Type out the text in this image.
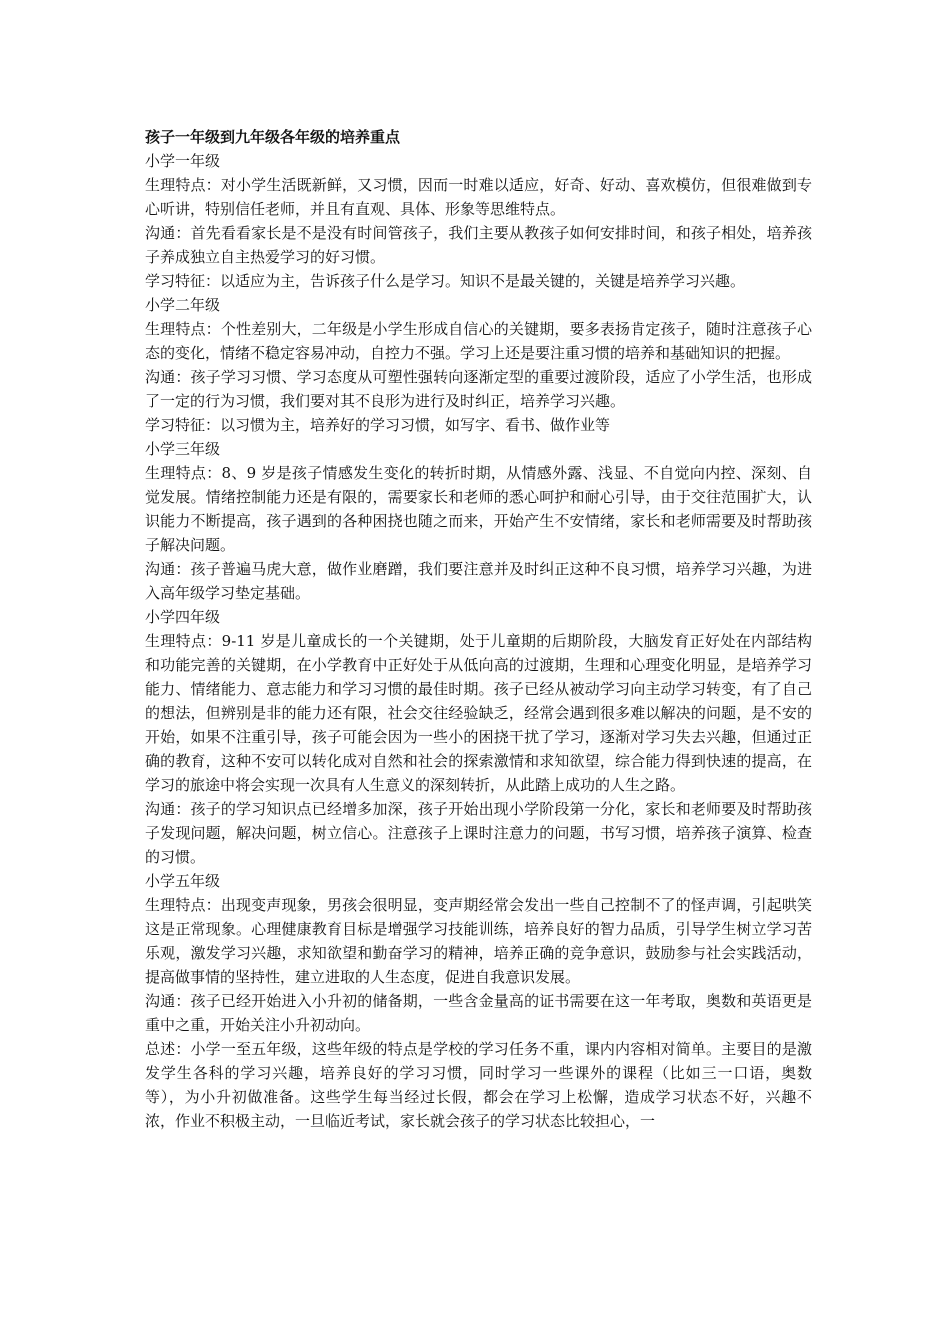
孩子一年级到九年级各年级的培养重点

小学一年级

生理特点：对小学生活既新鲜，又习惯，因而一时难以适应，好奇、好动、喜欢模仿，但很难做到专心听讲，特别信任老师，并且有直观、具体、形象等思维特点。

沟通：首先看看家长是不是没有时间管孩子，我们主要从教孩子如何安排时间，和孩子相处，培养孩子养成独立自主热爱学习的好习惯。

学习特征：以适应为主，告诉孩子什么是学习。知识不是最关键的，关键是培养学习兴趣。

小学二年级

生理特点：个性差别大，二年级是小学生形成自信心的关键期，要多表扬肯定孩子，随时注意孩子心态的变化，情绪不稳定容易冲动，自控力不强。学习上还是要注重习惯的培养和基础知识的把握。

沟通：孩子学习习惯、学习态度从可塑性强转向逐渐定型的重要过渡阶段，适应了小学生活，也形成了一定的行为习惯，我们要对其不良形为进行及时纠正，培养学习兴趣。

学习特征：以习惯为主，培养好的学习习惯，如写字、看书、做作业等

小学三年级

生理特点：8、9 岁是孩子情感发生变化的转折时期，从情感外露、浅显、不自觉向内控、深刻、自觉发展。情绪控制能力还是有限的，需要家长和老师的悉心呵护和耐心引导，由于交往范围扩大，认识能力不断提高，孩子遇到的各种困挠也随之而来，开始产生不安情绪，家长和老师需要及时帮助孩子解决问题。

沟通：孩子普遍马虎大意，做作业磨蹭，我们要注意并及时纠正这种不良习惯，培养学习兴趣，为进入高年级学习垫定基础。

小学四年级

生理特点：9-11 岁是儿童成长的一个关键期，处于儿童期的后期阶段，大脑发育正好处在内部结构和功能完善的关键期，在小学教育中正好处于从低向高的过渡期，生理和心理变化明显，是培养学习能力、情绪能力、意志能力和学习习惯的最佳时期。孩子已经从被动学习向主动学习转变，有了自己的想法，但辨别是非的能力还有限，社会交往经验缺乏，经常会遇到很多难以解决的问题，是不安的开始，如果不注重引导，孩子可能会因为一些小的困挠干扰了学习，逐渐对学习失去兴趣，但通过正确的教育，这种不安可以转化成对自然和社会的探索激情和求知欲望，综合能力得到快速的提高，在学习的旅途中将会实现一次具有人生意义的深刻转折，从此踏上成功的人生之路。

沟通：孩子的学习知识点已经增多加深，孩子开始出现小学阶段第一分化，家长和老师要及时帮助孩子发现问题，解决问题，树立信心。注意孩子上课时注意力的问题，书写习惯，培养孩子演算、检查的习惯。

小学五年级

生理特点：出现变声现象，男孩会很明显，变声期经常会发出一些自己控制不了的怪声调，引起哄笑这是正常现象。心理健康教育目标是增强学习技能训练，培养良好的智力品质，引导学生树立学习苦乐观，激发学习兴趣，求知欲望和勤奋学习的精神，培养正确的竞争意识，鼓励参与社会实践活动，提高做事情的坚持性，建立进取的人生态度，促进自我意识发展。

沟通：孩子已经开始进入小升初的储备期，一些含金量高的证书需要在这一年考取，奥数和英语更是重中之重，开始关注小升初动向。

总述：小学一至五年级，这些年级的特点是学校的学习任务不重，课内内容相对简单。主要目的是激发学生各科的学习兴趣，培养良好的学习习惯，同时学习一些课外的课程（比如三一口语，奥数等），为小升初做准备。这些学生每当经过长假，都会在学习上松懈，造成学习状态不好，兴趣不浓，作业不积极主动，一旦临近考试，家长就会孩子的学习状态比较担心，一
